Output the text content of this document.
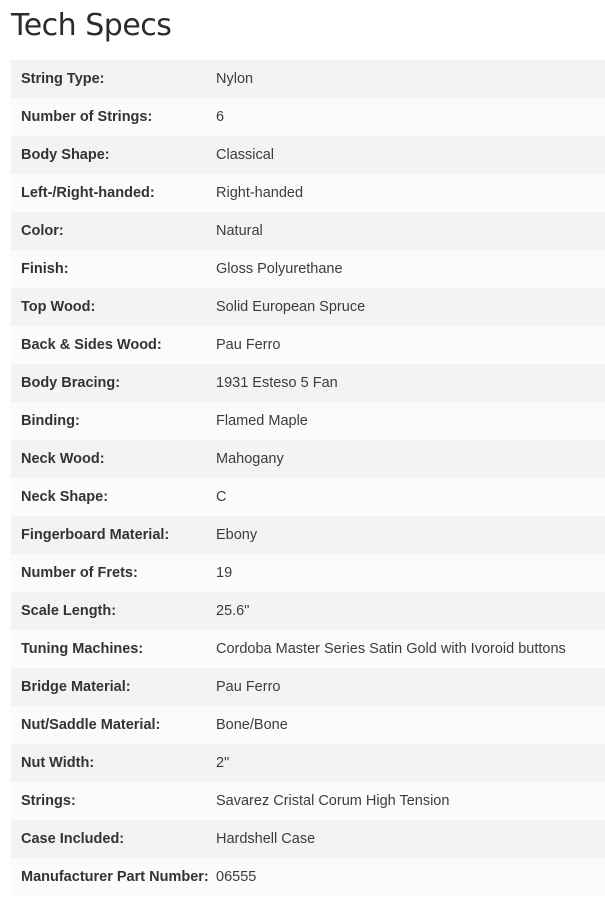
Tech Specs
String Type:	Nylon
Number of Strings:	6
Body Shape:	Classical
Left-/Right-handed:	Right-handed
Color:	Natural
Finish:	Gloss Polyurethane
Top Wood:	Solid European Spruce
Back & Sides Wood:	Pau Ferro
Body Bracing:	1931 Esteso 5 Fan
Binding:	Flamed Maple
Neck Wood:	Mahogany
Neck Shape:	C
Fingerboard Material:	Ebony
Number of Frets:	19
Scale Length:	25.6"
Tuning Machines:	Cordoba Master Series Satin Gold with Ivoroid buttons
Bridge Material:	Pau Ferro
Nut/Saddle Material:	Bone/Bone
Nut Width:	2"
Strings:	Savarez Cristal Corum High Tension
Case Included:	Hardshell Case
Manufacturer Part Number: 06555
